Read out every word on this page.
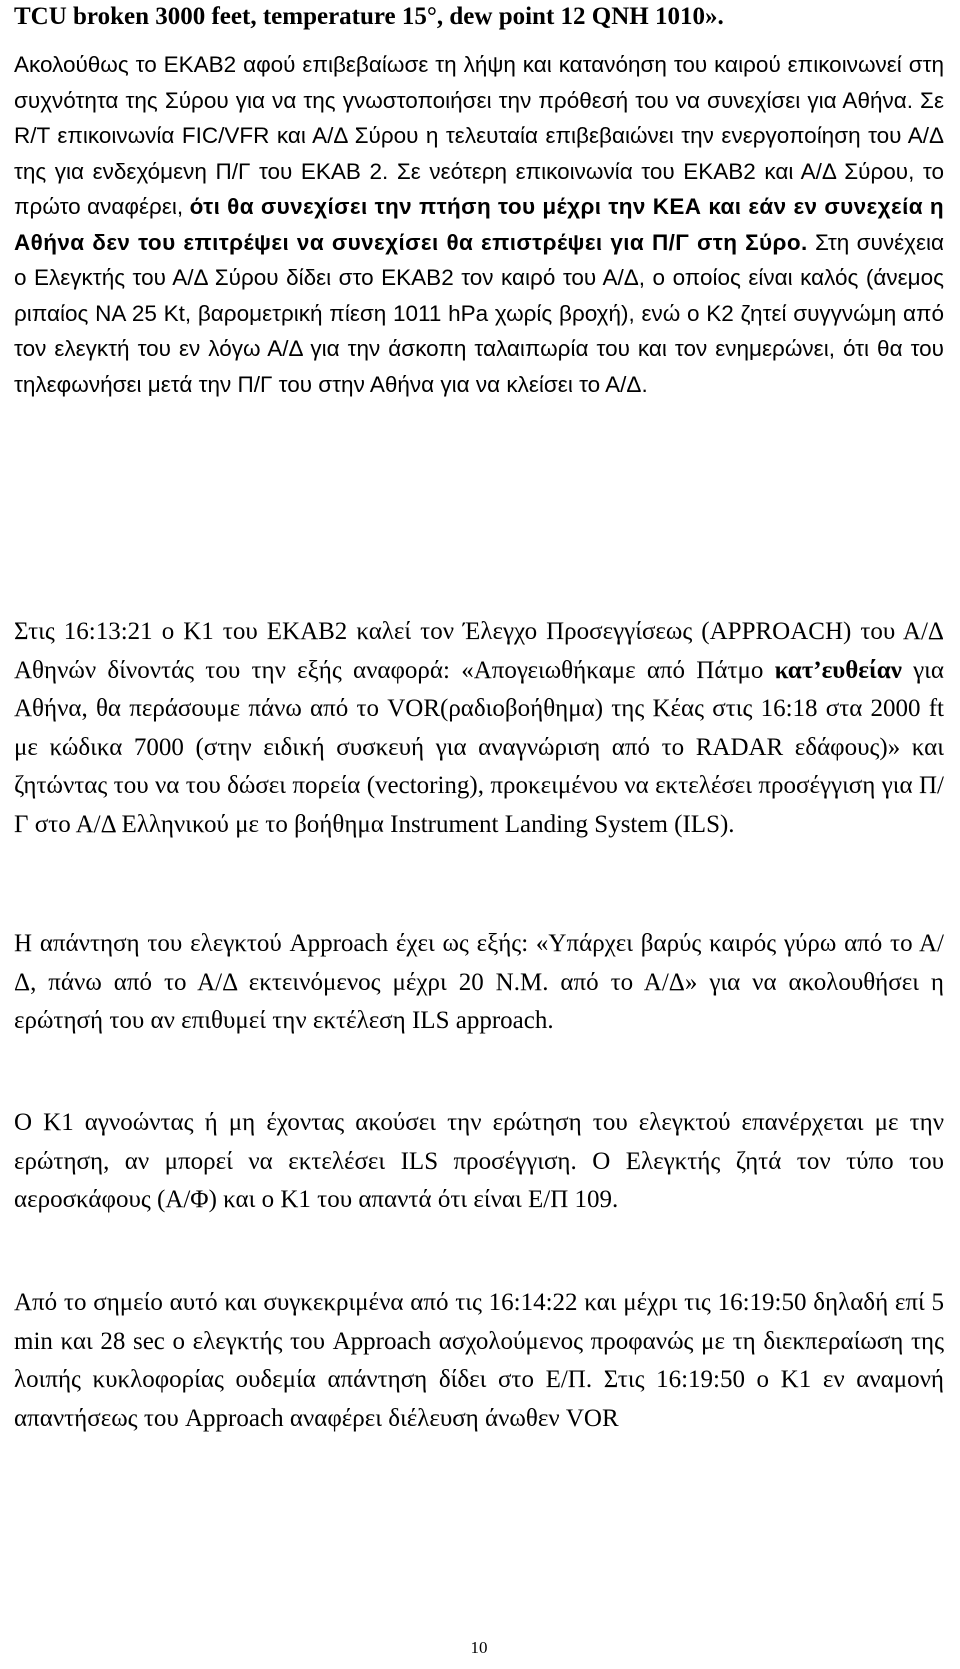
TCU broken 3000 feet, temperature 15°, dew point 12 QNH 1010».

Ακολούθως το ΕΚΑΒ2 αφού επιβεβαίωσε τη λήψη και κατανόηση του καιρού επικοινωνεί στη συχνότητα της Σύρου για να της γνωστοποιήσει την πρόθεσή του να συνεχίσει για Αθήνα. Σε R/T επικοινωνία FIC/VFR και Α/Δ Σύρου η τελευταία επιβεβαιώνει την ενεργοποίηση του Α/Δ της για ενδεχόμενη Π/Γ του ΕΚΑΒ 2. Σε νεότερη επικοινωνία του ΕΚΑΒ2 και Α/Δ Σύρου, το πρώτο αναφέρει, ότι θα συνεχίσει την πτήση του μέχρι την ΚΕΑ και εάν εν συνεχεία η Αθήνα δεν του επιτρέψει να συνεχίσει θα επιστρέψει για Π/Γ στη Σύρο. Στη συνέχεια ο Ελεγκτής του Α/Δ Σύρου δίδει στο ΕΚΑΒ2 τον καιρό του Α/Δ, ο οποίος είναι καλός (άνεμος ριπαίος ΝΑ 25 Kt, βαρομετρική πίεση 1011 hPa χωρίς βροχή), ενώ ο Κ2 ζητεί συγγνώμη από τον ελεγκτή του εν λόγω Α/Δ για την άσκοπη ταλαιπωρία του και τον ενημερώνει, ότι θα του τηλεφωνήσει μετά την Π/Γ του στην Αθήνα για να κλείσει το Α/Δ.

Στις 16:13:21 ο Κ1 του ΕΚΑΒ2 καλεί τον Έλεγχο Προσεγγίσεως (APPROACH) του Α/Δ Αθηνών δίνοντάς του την εξής αναφορά: «Απογειωθήκαμε από Πάτμο κατ’ευθείαν για Αθήνα, θα περάσουμε πάνω από το VOR(ραδιοβοήθημα) της Κέας στις 16:18 στα 2000 ft με κώδικα 7000 (στην ειδική συσκευή για αναγνώριση από το RADAR εδάφους)» και ζητώντας του να του δώσει πορεία (vectoring), προκειμένου να εκτελέσει προσέγγιση για Π/Γ στο Α/Δ Ελληνικού με το βοήθημα Instrument Landing System (ILS).

Η απάντηση του ελεγκτού Approach έχει ως εξής: «Υπάρχει βαρύς καιρός γύρω από το Α/Δ, πάνω από το Α/Δ εκτεινόμενος μέχρι 20 Ν.Μ. από το Α/Δ» για να ακολουθήσει η ερώτησή του αν επιθυμεί την εκτέλεση ILS approach.

Ο Κ1 αγνοώντας ή μη έχοντας ακούσει την ερώτηση του ελεγκτού επανέρχεται με την ερώτηση, αν μπορεί να εκτελέσει ILS προσέγγιση. Ο Ελεγκτής ζητά τον τύπο του αεροσκάφους (Α/Φ) και ο Κ1 του απαντά ότι είναι Ε/Π 109.

Από το σημείο αυτό και συγκεκριμένα από τις 16:14:22 και μέχρι τις 16:19:50 δηλαδή επί 5 min και 28 sec ο ελεγκτής του Approach ασχολούμενος προφανώς με τη διεκπεραίωση της λοιπής κυκλοφορίας ουδεμία απάντηση δίδει στο Ε/Π. Στις 16:19:50 ο Κ1 εν αναμονή απαντήσεως του Approach αναφέρει διέλευση άνωθεν VOR

10
